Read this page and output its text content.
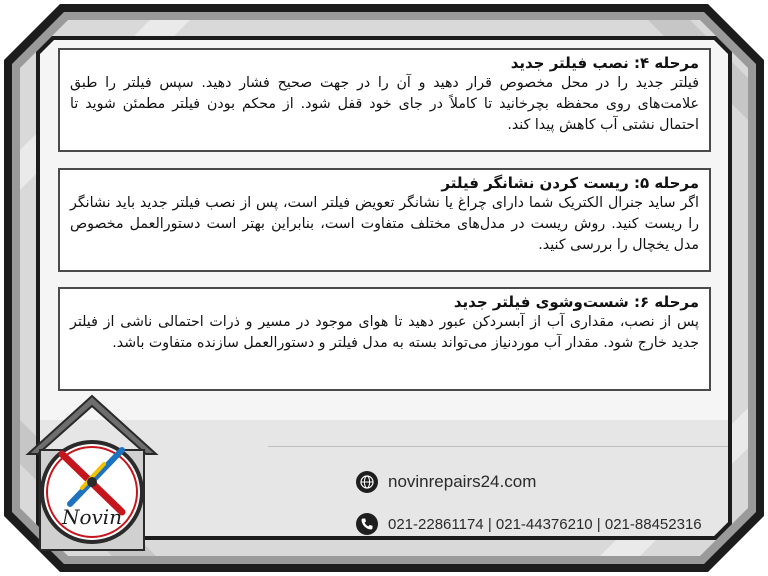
مرحله ۴: نصب فیلتر جدید

فیلتر جدید را در محل مخصوص قرار دهید و آن را در جهت صحیح فشار دهید. سپس فیلتر را طبق علامت‌های روی محفظه بچرخانید تا کاملاً در جای خود قفل شود. از محکم بودن فیلتر مطمئن شوید تا احتمال نشتی آب کاهش پیدا کند.

مرحله ۵: ریست کردن نشانگر فیلتر

اگر ساید جنرال الکتریک شما دارای چراغ یا نشانگر تعویض فیلتر است، پس از نصب فیلتر جدید باید نشانگر را ریست کنید. روش ریست در مدل‌های مختلف متفاوت است، بنابراین بهتر است دستورالعمل مخصوص مدل یخچال را بررسی کنید.

مرحله ۶: شست‌وشوی فیلتر جدید

پس از نصب، مقداری آب از آبسردکن عبور دهید تا هوای موجود در مسیر و ذرات احتمالی ناشی از فیلتر جدید خارج شود. مقدار آب موردنیاز می‌تواند بسته به مدل فیلتر و دستورالعمل سازنده متفاوت باشد.

Novin
novinrepairs24.com
021-22861174 | 021-44376210 | 021-88452316
